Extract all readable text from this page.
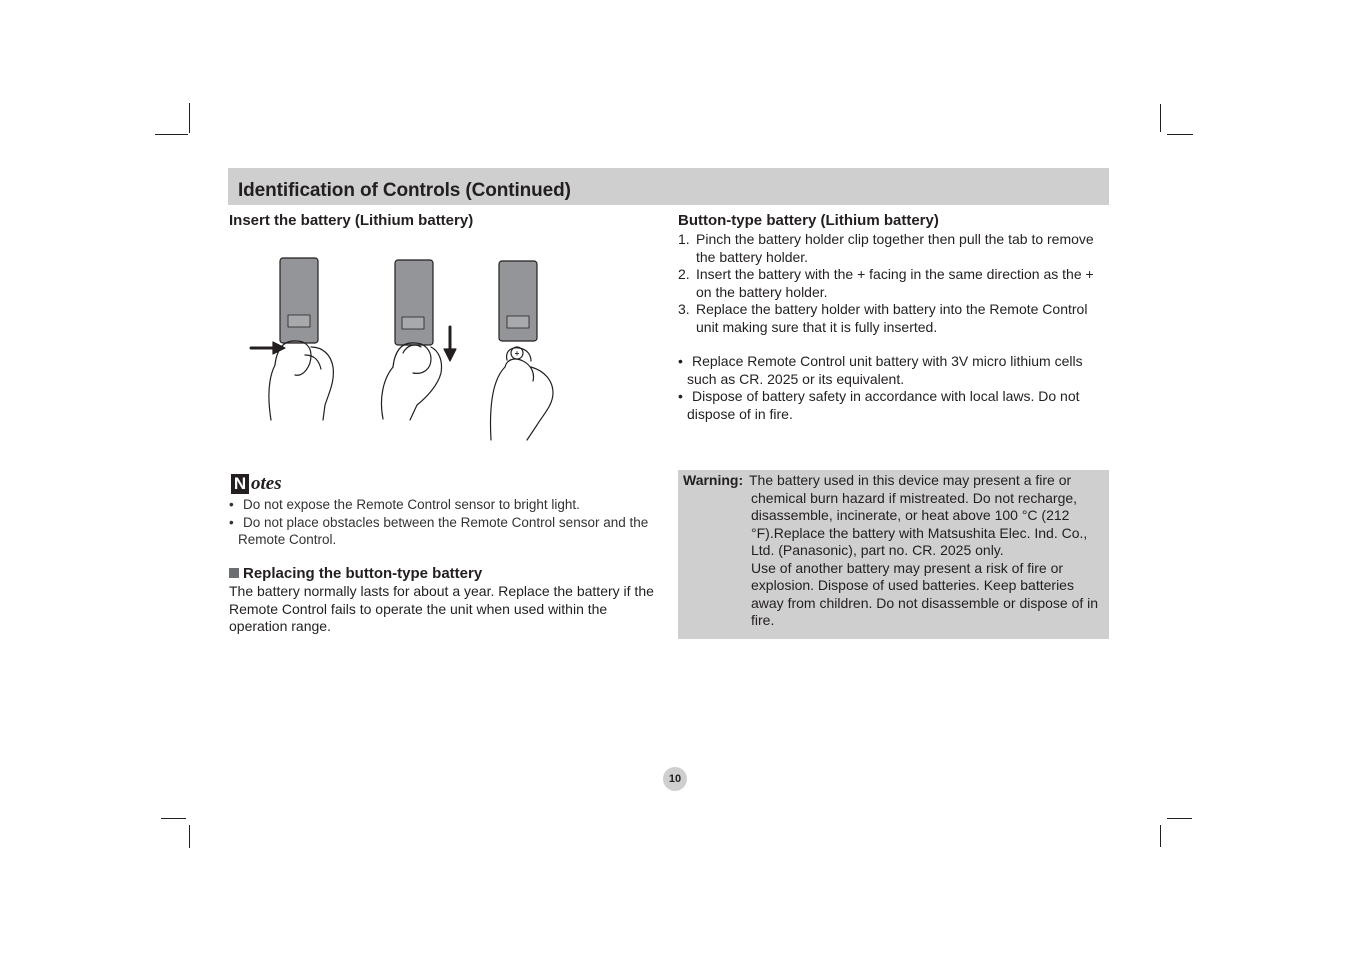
Identification of Controls (Continued)
Insert the battery (Lithium battery)
+
N otes
• Do not expose the Remote Control sensor to bright light.
• Do not place obstacles between the Remote Control sensor and the Remote Control.
Replacing the button-type battery

The battery normally lasts for about a year. Replace the battery if the Remote Control fails to operate the unit when used within the operation range.

Button-type battery (Lithium battery)
1. Pinch the battery holder clip together then pull the tab to remove the battery holder.
2. Insert the battery with the + facing in the same direction as the + on the battery holder.
3. Replace the battery holder with battery into the Remote Control unit making sure that it is fully inserted.
• Replace Remote Control unit battery with 3V micro lithium cells such as CR. 2025 or its equivalent.
• Dispose of battery safety in accordance with local laws. Do not dispose of in fire.
Warning: The battery used in this device may present a fire or
chemical burn hazard if mistreated. Do not recharge, disassemble, incinerate, or heat above 100 °C (212 °F).Replace the battery with Matsushita Elec. Ind. Co., Ltd. (Panasonic), part no. CR. 2025 only.
Use of another battery may present a risk of fire or explosion. Dispose of used batteries. Keep batteries away from children. Do not disassemble or dispose of in fire.
10
